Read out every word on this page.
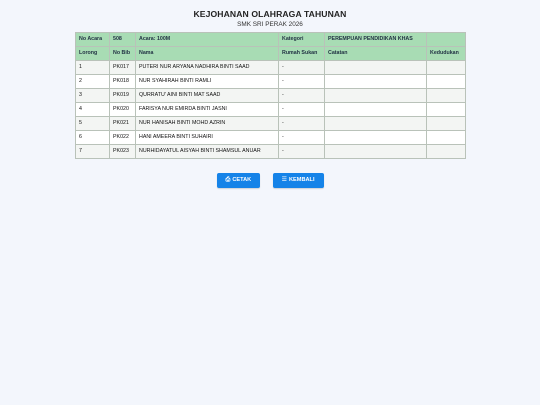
KEJOHANAN OLAHRAGA TAHUNAN
SMK SRI PERAK 2026
No Acara	508	Acara: 100M	Kategori	PEREMPUAN PENDIDIKAN KHAS	
Lorong	No Bib	Nama	Rumah Sukan	Catatan	Kedudukan
1	PK017	PUTERI NUR ARYANA NADHIRA BINTI SAAD	-		
2	PK018	NUR SYAHIRAH BINTI RAMLI	-		
3	PK019	QURRATU' AINI BINTI MAT SAAD	-		
4	PK020	FARISYA NUR EMIRDA BINTI JASNI	-		
5	PK021	NUR HANISAH BINTI MOHD AZRIN	-		
6	PK022	HANI AMEERA BINTI SUHAIRI	-		
7	PK023	NURHIDAYATUL AISYAH BINTI SHAMSUL ANUAR	-		
⎙ CETAK	☰ KEMBALI
